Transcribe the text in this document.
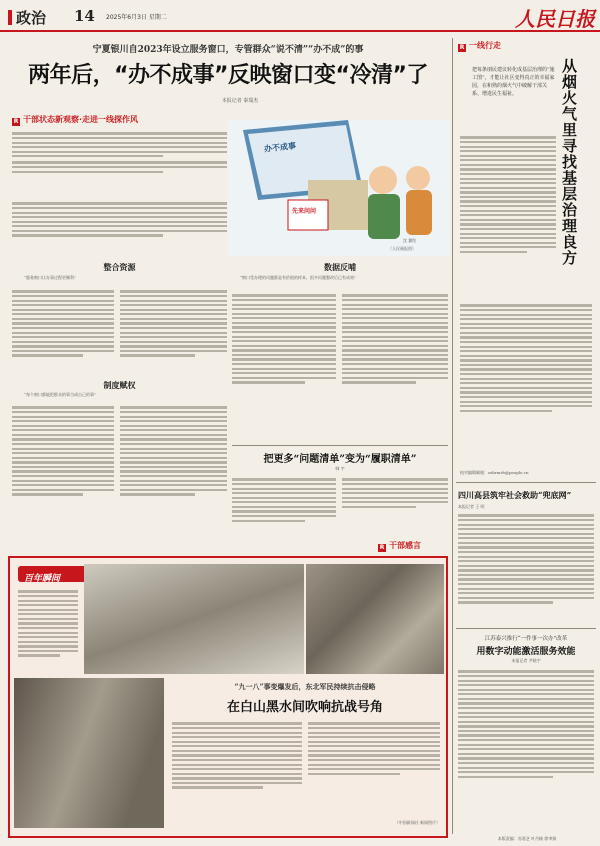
政治 14 2025年6月3日 星期二	人民日报
宁夏银川自2023年设立服务窗口，专管群众“说不清”“办不成”的事
两年后，“办不成事”反映窗口变“冷清”了
本报记者 秦瑞杰
R 干部状态新观察·走进一线探作风
办不成事
先来问问
沈 翼绘
（人民画报图）
整合资源
“服务窗口让办事过程更顺利”
制度赋权
“每个窗口都能把群众的事当成自己的事”
数据反哺
“窗口受办理的问题都是有价值的样本，很多问题整改后已有成效”
把更多“问题清单”变为“履职清单”
韩 宇
R 干部感言
百年瞬间
“九一八”事变爆发后，东北军民持续抗击侵略
在白山黑水间吹响抗战号角
（中国新闻社 新闻图片）
R 一线行走
把每条朋民建议转化成基层治理的“施工图”，才能让社区变得真正的幸福家园，在和熟的烟火气中破解干部关系、增进民生福祉。	从烟火气里寻找基层治理良方
校对编辑邮箱：zzbrmrb@people.cn
四川高县筑牢社会救助“兜底网”
本报记者 王 明
江苏泰兴推行“一件事一次办”改革
用数字动能激活服务效能
本报记者 尹晓宇
本版责编：苏嘉芝 叶丹樯 徐聿娟
